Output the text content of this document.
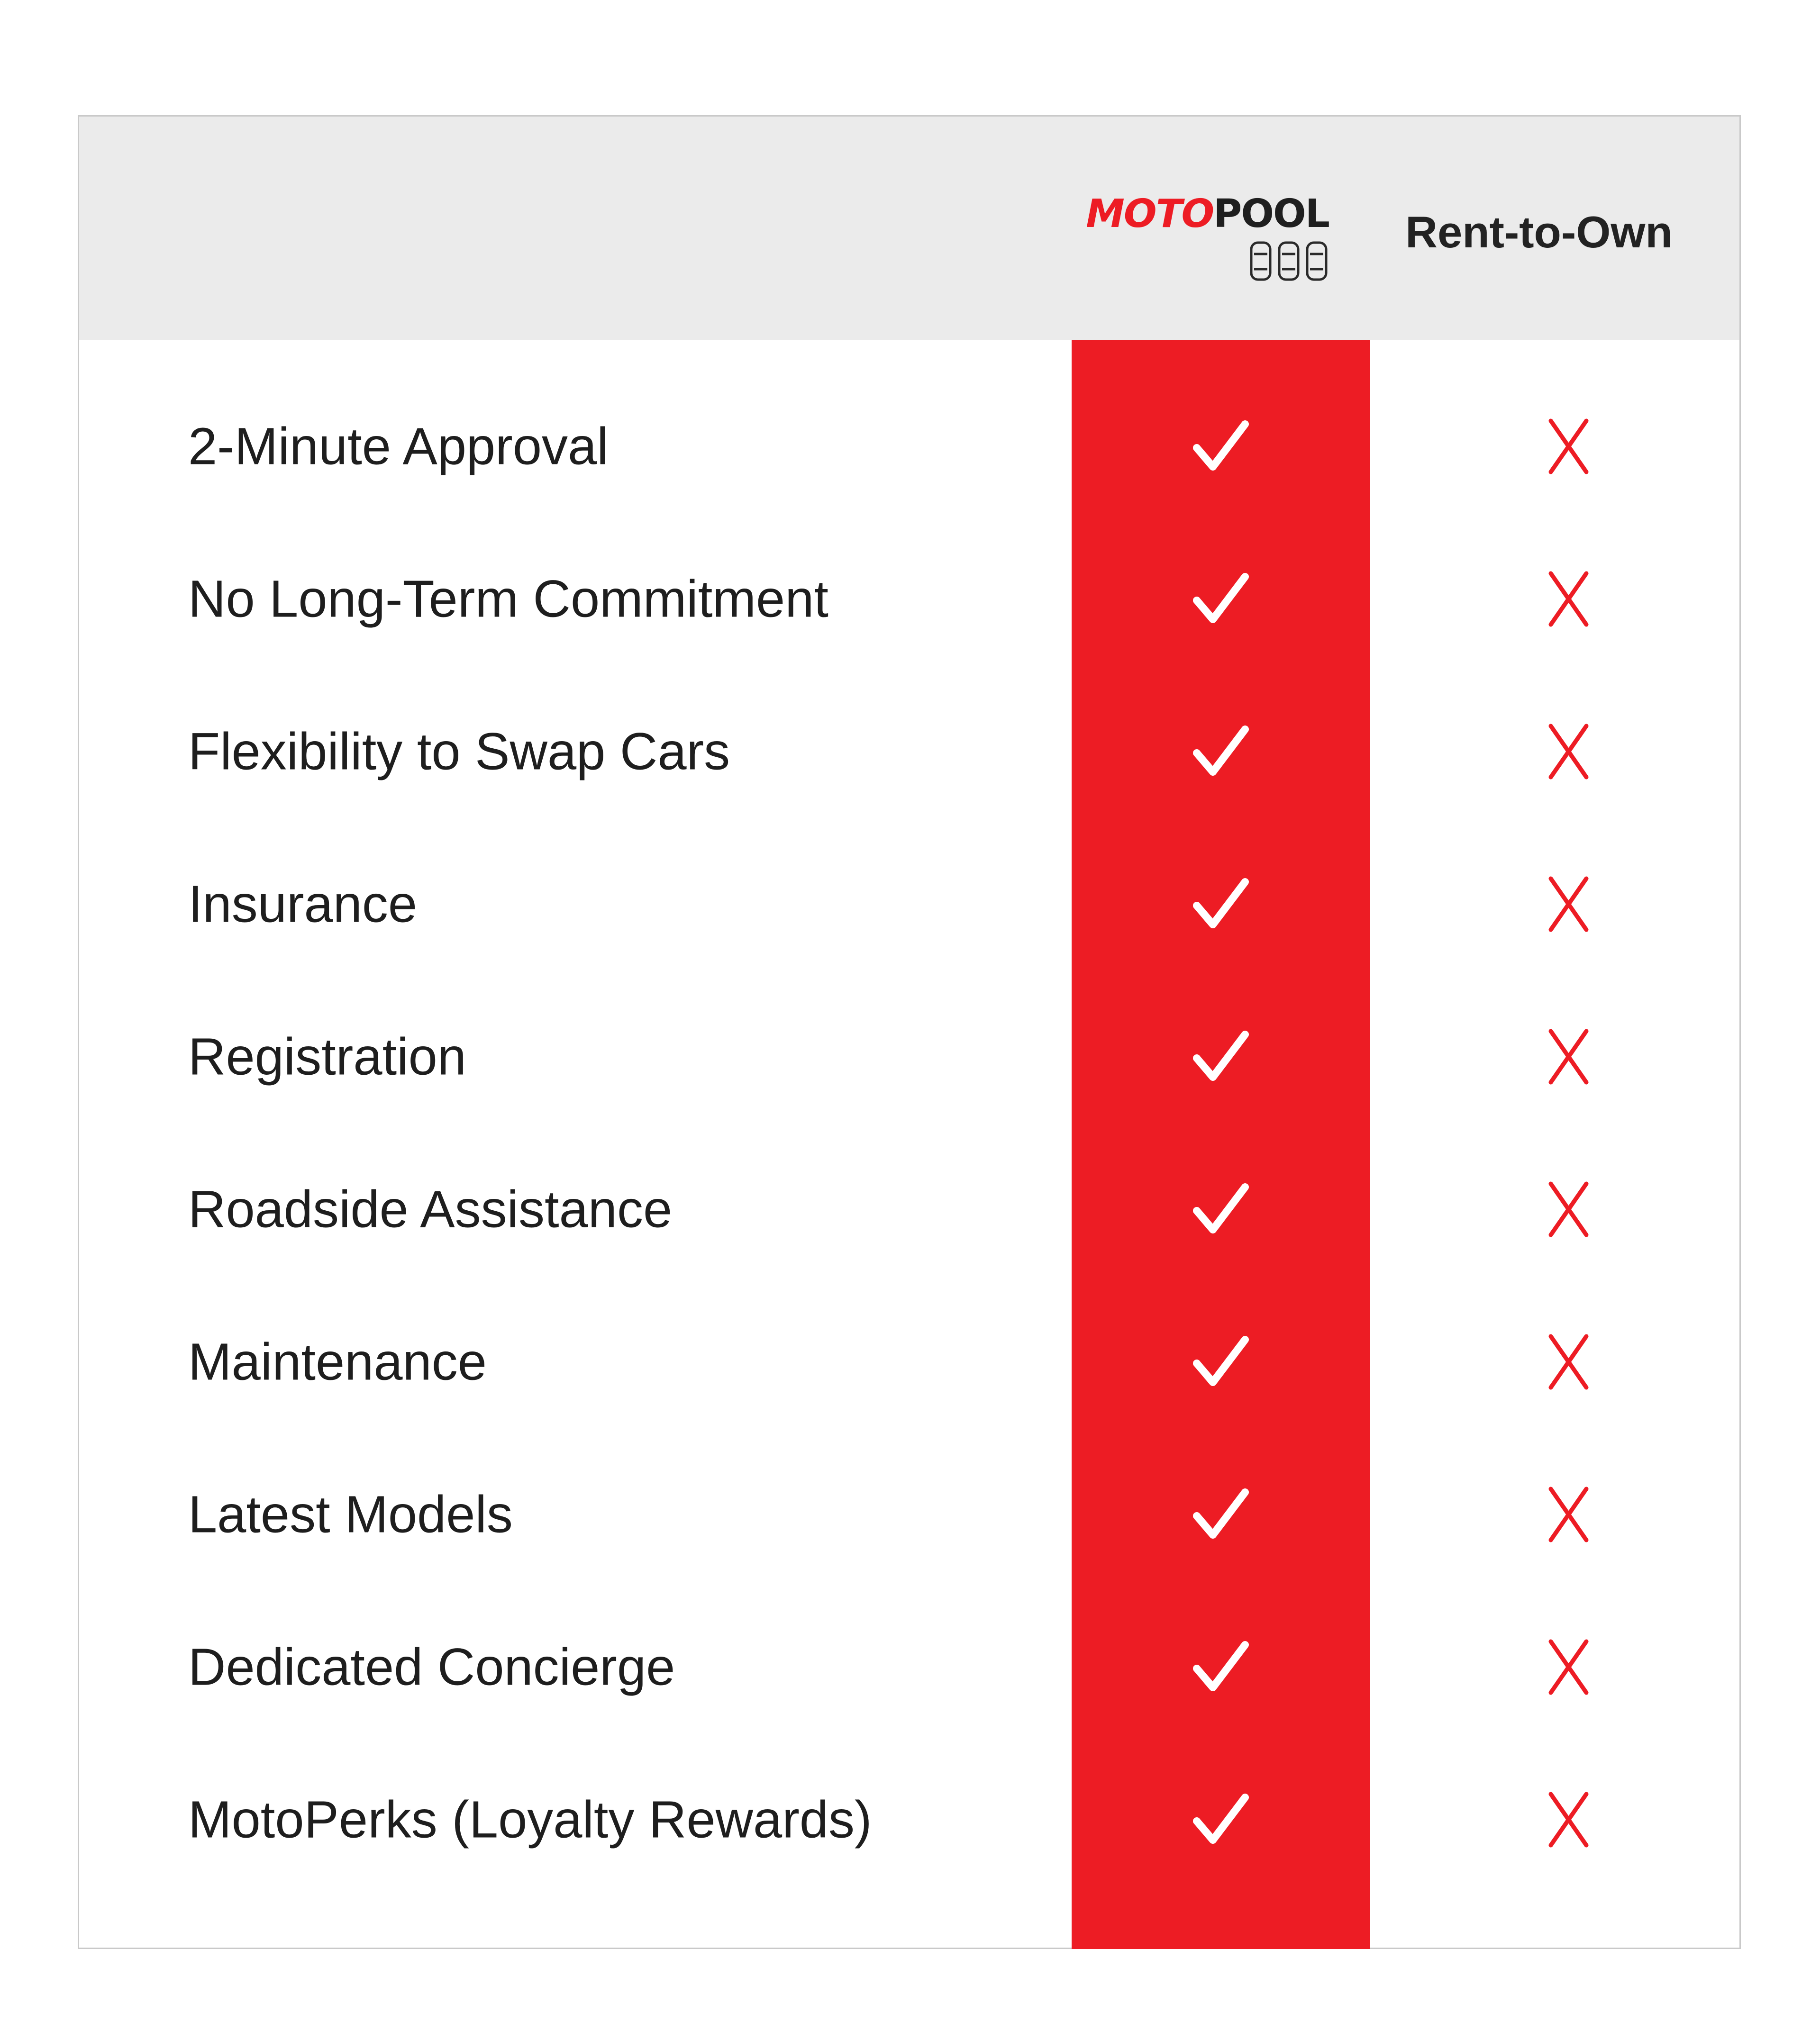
MOTOPOOL	Rent-to-Own
2-Minute Approval
No Long-Term Commitment
Flexibility to Swap Cars
Insurance
Registration
Roadside Assistance
Maintenance
Latest Models
Dedicated Concierge
MotoPerks (Loyalty Rewards)
